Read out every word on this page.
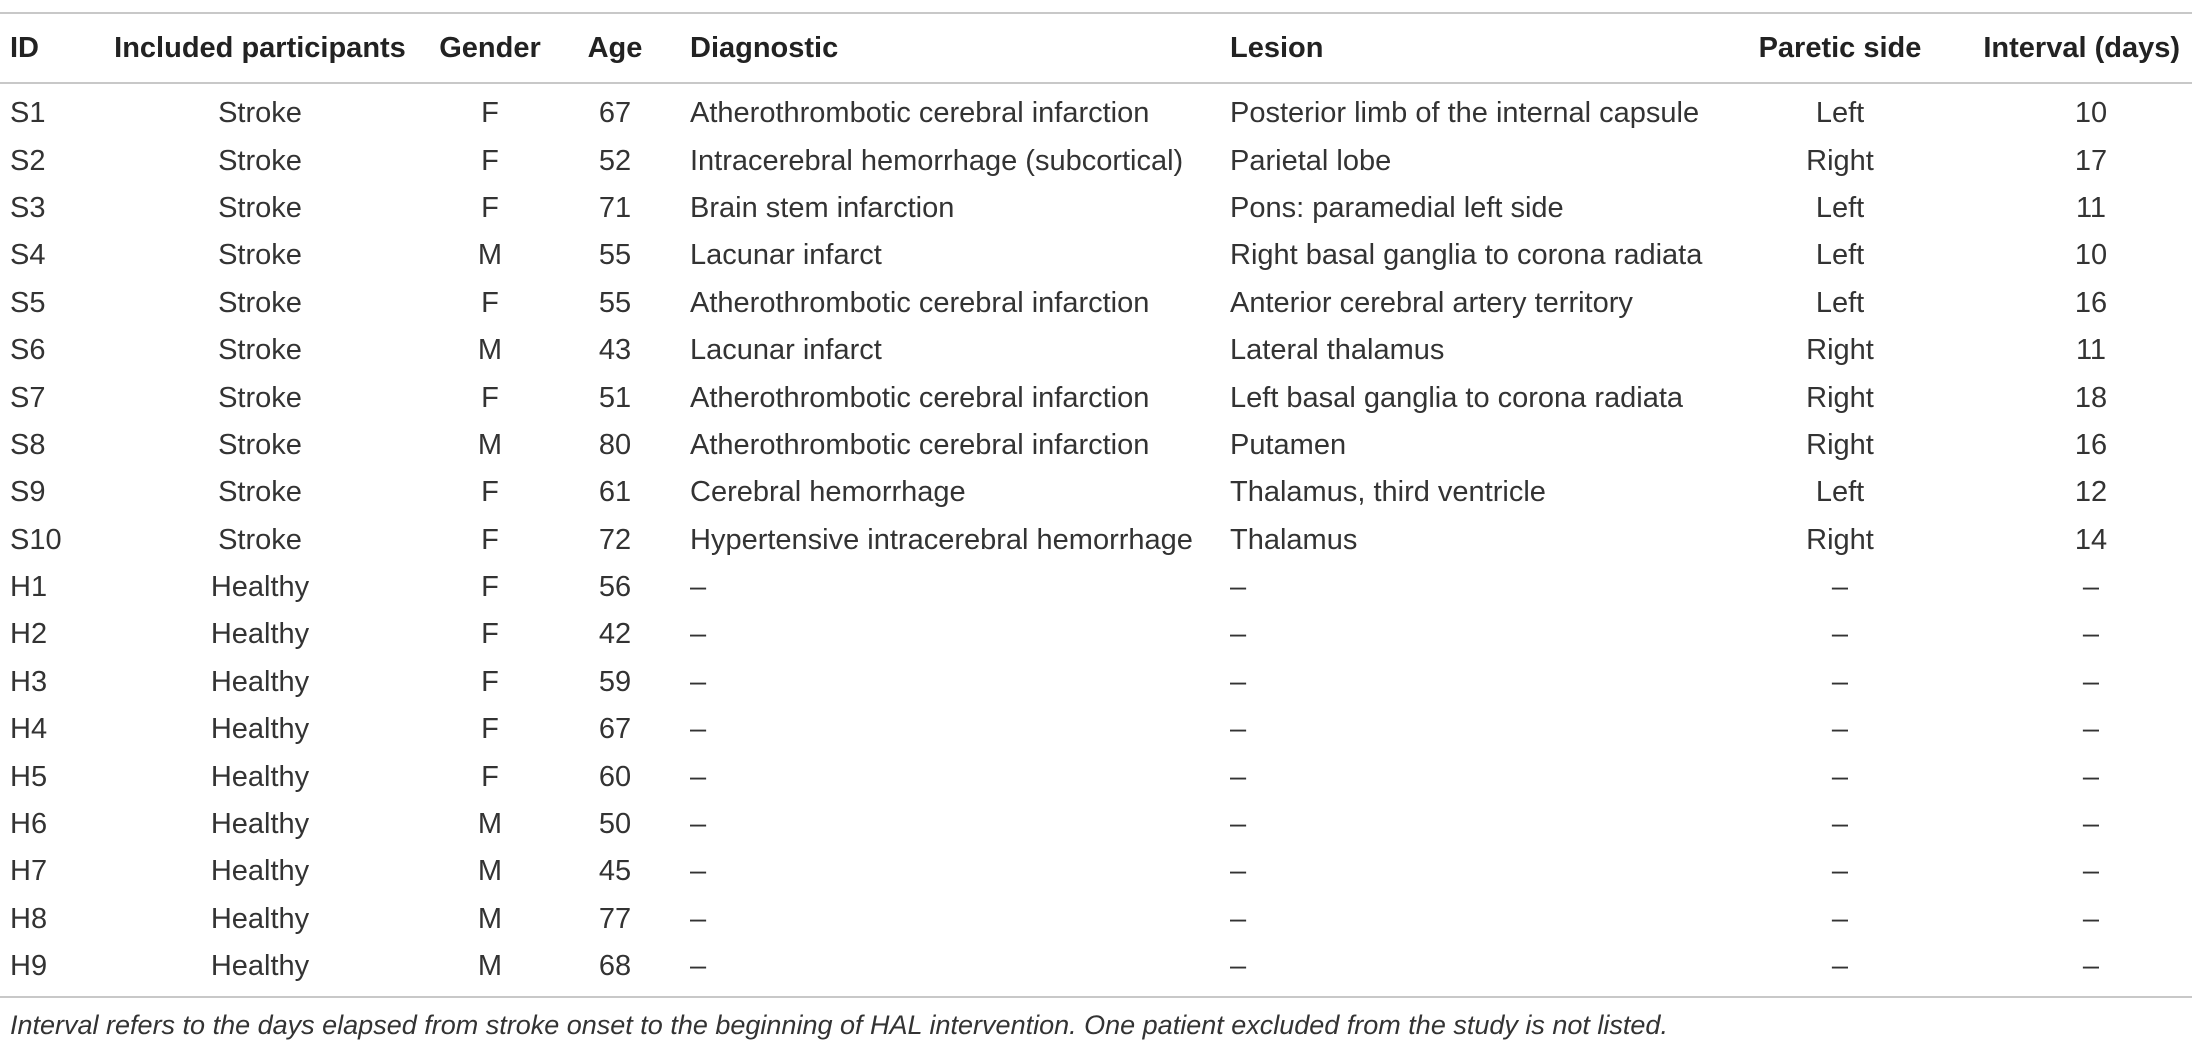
ID	Included participants	Gender	Age	Diagnostic	Lesion	Paretic side	Interval (days)
S1	Stroke	F	67	Atherothrombotic cerebral infarction	Posterior limb of the internal capsule	Left	10
S2	Stroke	F	52	Intracerebral hemorrhage (subcortical)	Parietal lobe	Right	17
S3	Stroke	F	71	Brain stem infarction	Pons: paramedial left side	Left	11
S4	Stroke	M	55	Lacunar infarct	Right basal ganglia to corona radiata	Left	10
S5	Stroke	F	55	Atherothrombotic cerebral infarction	Anterior cerebral artery territory	Left	16
S6	Stroke	M	43	Lacunar infarct	Lateral thalamus	Right	11
S7	Stroke	F	51	Atherothrombotic cerebral infarction	Left basal ganglia to corona radiata	Right	18
S8	Stroke	M	80	Atherothrombotic cerebral infarction	Putamen	Right	16
S9	Stroke	F	61	Cerebral hemorrhage	Thalamus, third ventricle	Left	12
S10	Stroke	F	72	Hypertensive intracerebral hemorrhage	Thalamus	Right	14
H1	Healthy	F	56	–	–	–	–
H2	Healthy	F	42	–	–	–	–
H3	Healthy	F	59	–	–	–	–
H4	Healthy	F	67	–	–	–	–
H5	Healthy	F	60	–	–	–	–
H6	Healthy	M	50	–	–	–	–
H7	Healthy	M	45	–	–	–	–
H8	Healthy	M	77	–	–	–	–
H9	Healthy	M	68	–	–	–	–
Interval refers to the days elapsed from stroke onset to the beginning of HAL intervention. One patient excluded from the study is not listed.
